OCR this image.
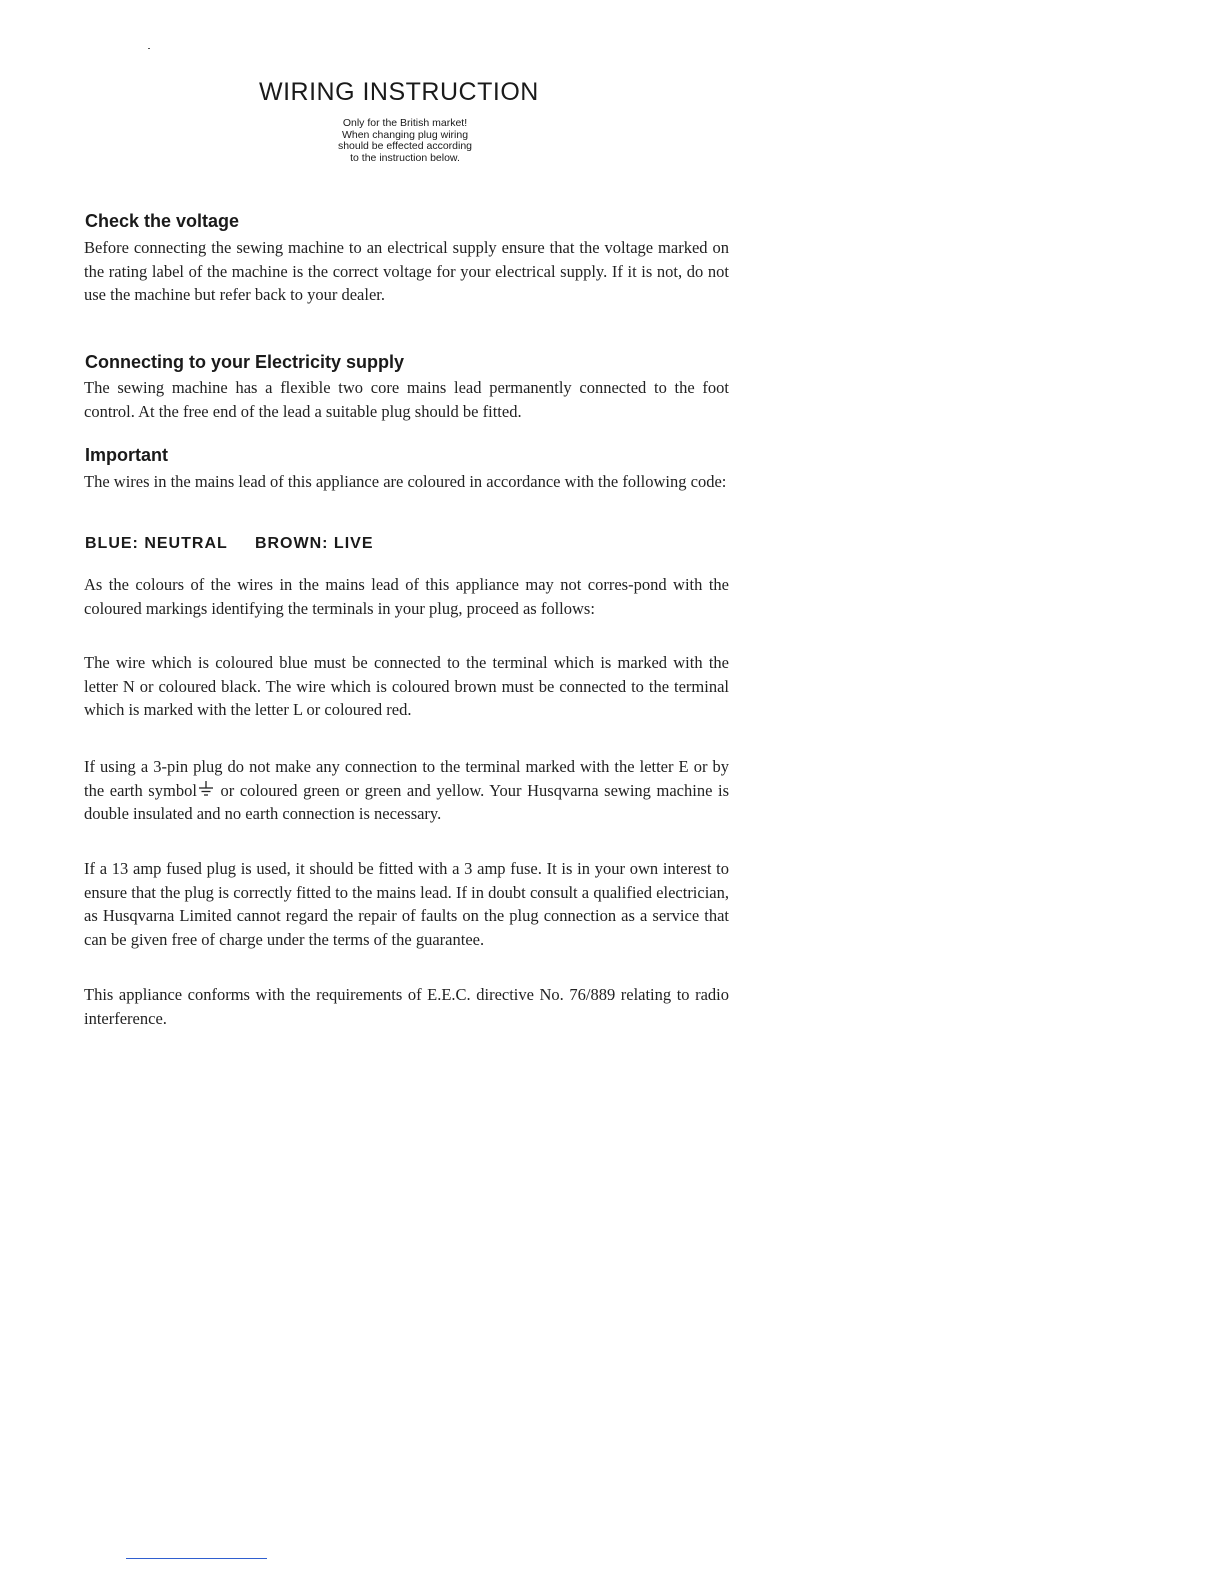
WIRING INSTRUCTION
Only for the British market!
When changing plug wiring
should be effected according
to the instruction below.
Check the voltage

Before connecting the sewing machine to an electrical supply ensure that the voltage marked on the rating label of the machine is the correct voltage for your electrical supply. If it is not, do not use the machine but refer back to your dealer.

Connecting to your Electricity supply

The sewing machine has a flexible two core mains lead permanently connected to the foot control. At the free end of the lead a suitable plug should be fitted.

Important

The wires in the mains lead of this appliance are coloured in accordance with the following code:

BLUE: NEUTRAL BROWN: LIVE

As the colours of the wires in the mains lead of this appliance may not corres-pond with the coloured markings identifying the terminals in your plug, proceed as follows:

The wire which is coloured blue must be connected to the terminal which is marked with the letter N or coloured black. The wire which is coloured brown must be connected to the terminal which is marked with the letter L or coloured red.

If using a 3-pin plug do not make any connection to the terminal marked with the letter E or by the earth symbol or coloured green or green and yellow. Your Husqvarna sewing machine is double insulated and no earth connection is necessary.

If a 13 amp fused plug is used, it should be fitted with a 3 amp fuse. It is in your own interest to ensure that the plug is correctly fitted to the mains lead. If in doubt consult a qualified electrician, as Husqvarna Limited cannot regard the repair of faults on the plug connection as a service that can be given free of charge under the terms of the guarantee.

This appliance conforms with the requirements of E.E.C. directive No. 76/889 relating to radio interference.
